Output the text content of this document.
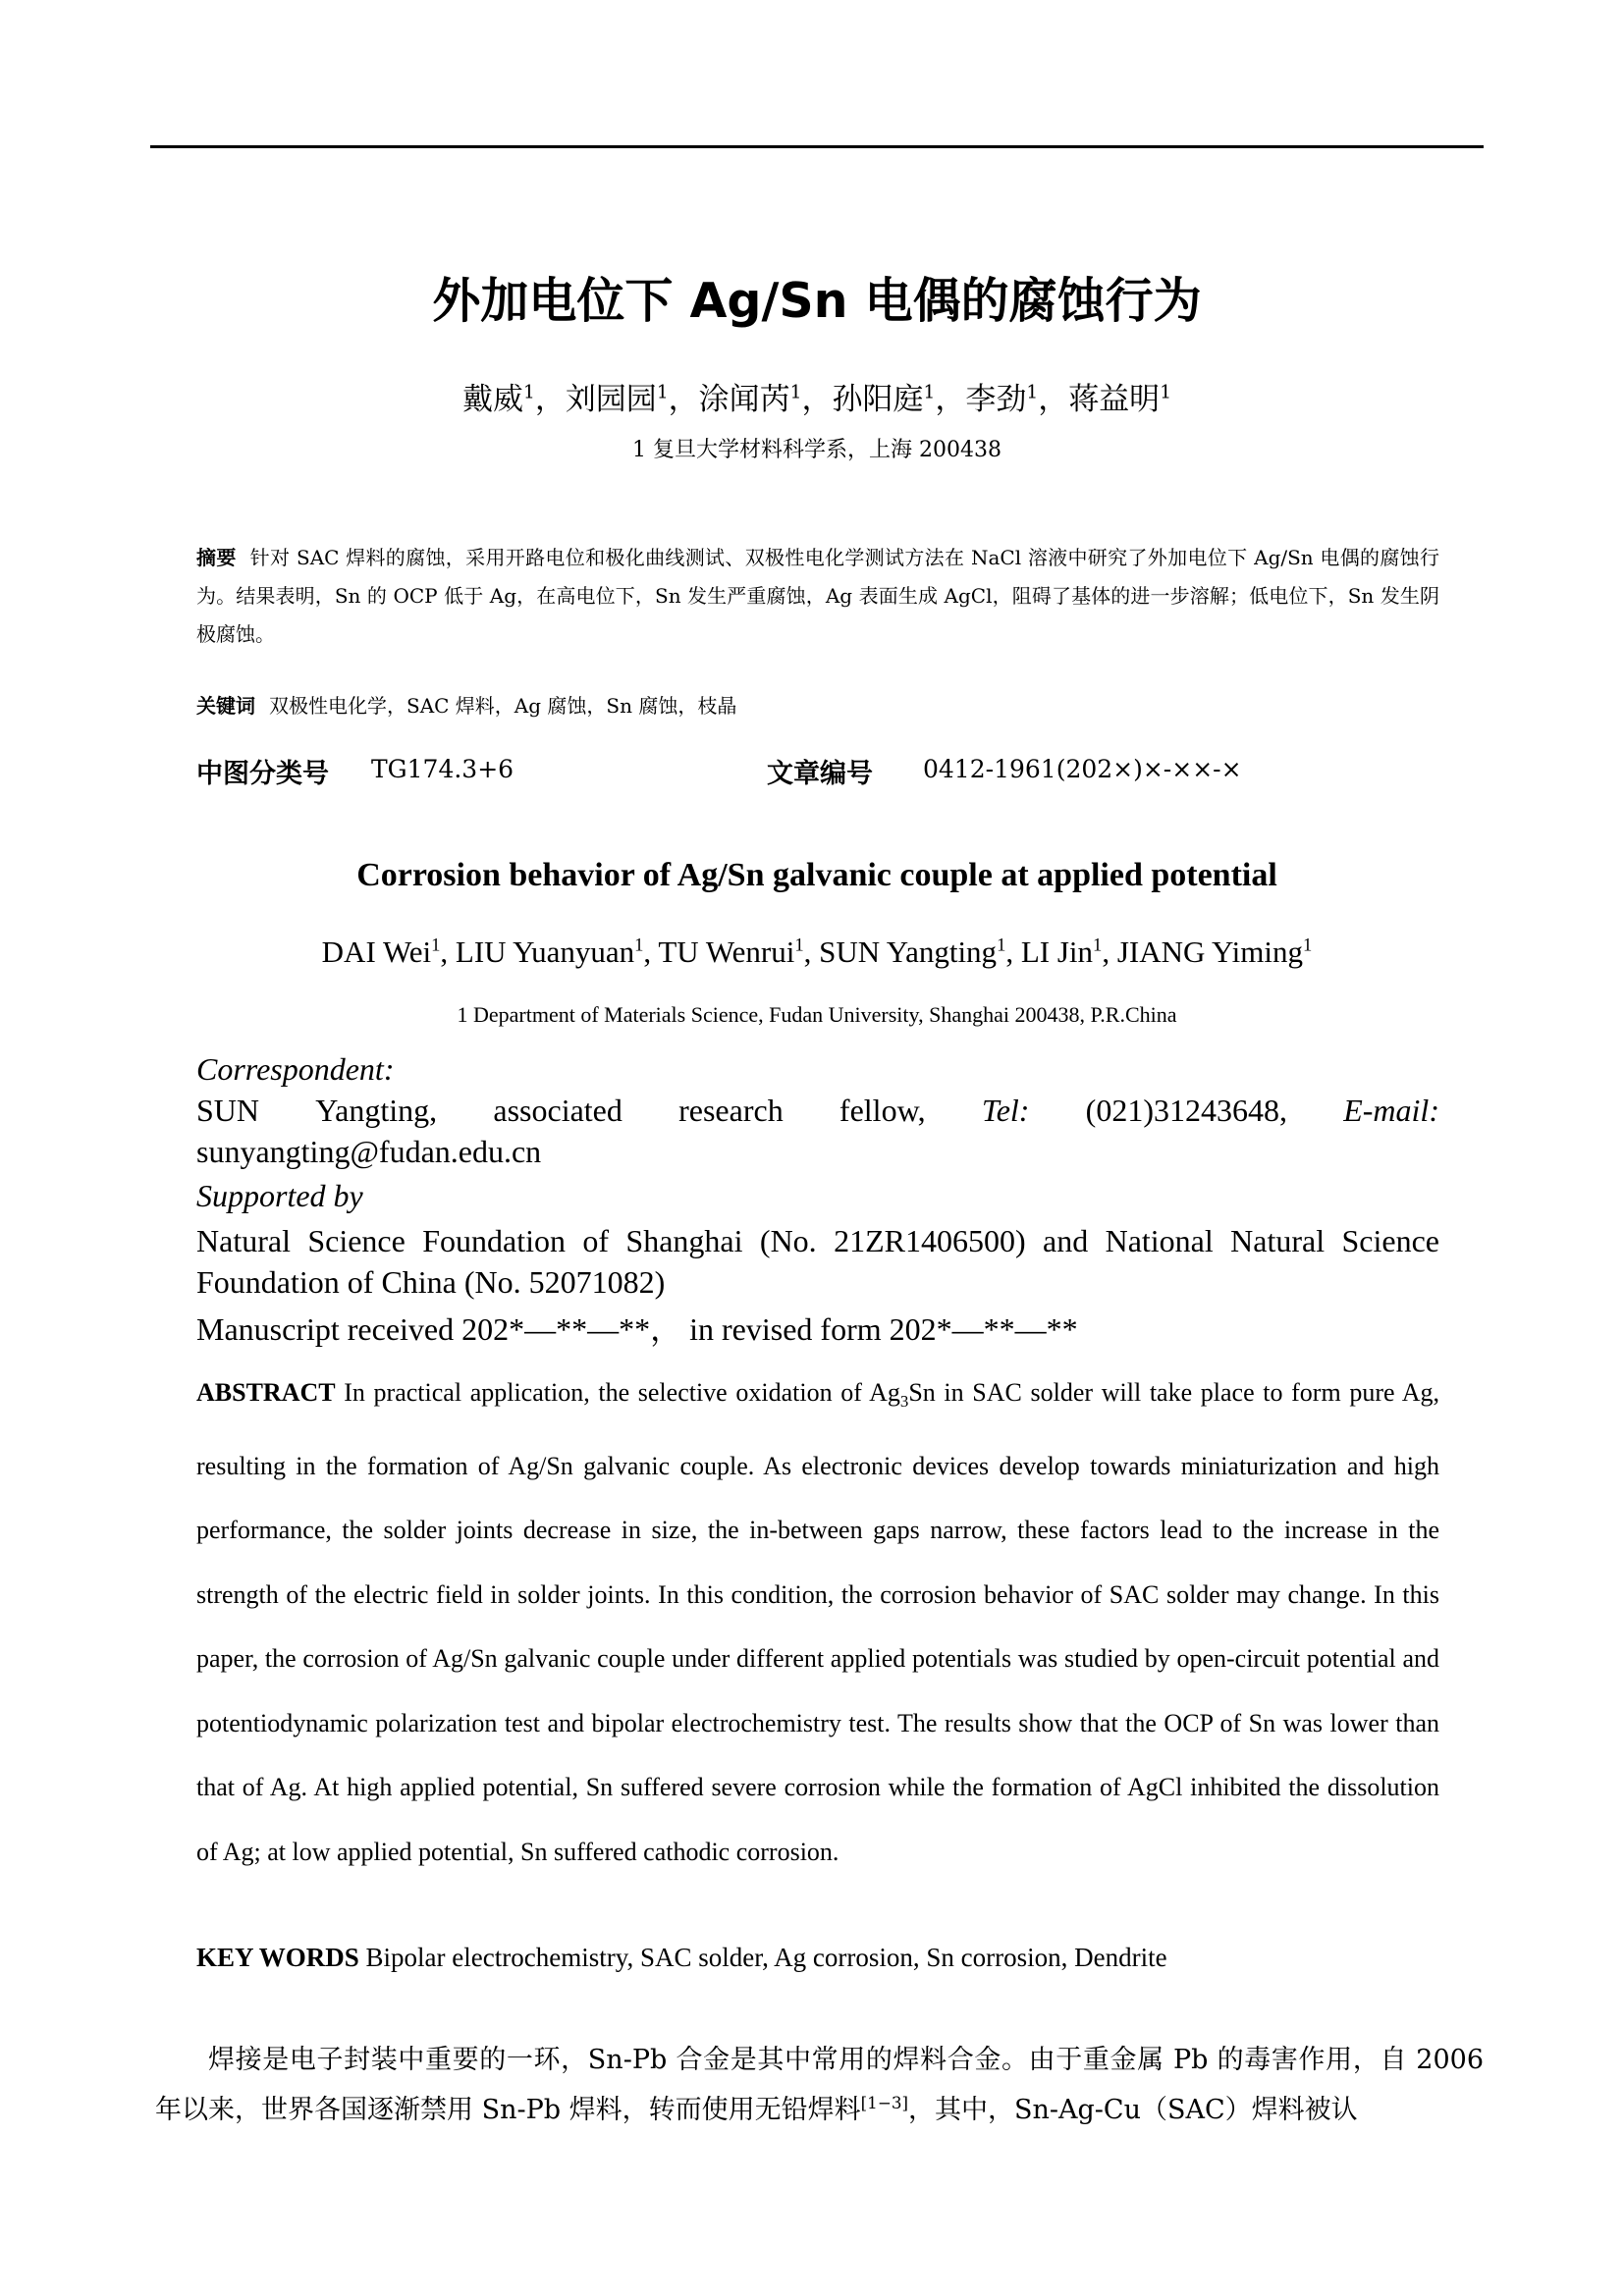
外加电位下 Ag/Sn 电偶的腐蚀行为
戴威$^1$，刘园园$^1$，涂闻芮$^1$，孙阳庭$^1$，李劲$^1$，蒋益明$^1$
1 复旦大学材料科学系，上海 200438
摘要 针对 SAC 焊料的腐蚀，采用开路电位和极化曲线测试、双极性电化学测试方法在 NaCl 溶液中研究了外加电位下 Ag/Sn 电偶的腐蚀行为。结果表明，Sn 的 OCP 低于 Ag，在高电位下，Sn 发生严重腐蚀，Ag 表面生成 AgCl，阻碍了基体的进一步溶解；低电位下，Sn 发生阴极腐蚀。
关键词 双极性电化学，SAC 焊料，Ag 腐蚀，Sn 腐蚀，枝晶
中图分类号 TG174.3+6	文章编号 0412-1961(202×)×-××-×
Corrosion behavior of Ag/Sn galvanic couple at applied potential
DAI Wei$^1$, LIU Yuanyuan$^1$, TU Wenrui$^1$, SUN Yangting$^1$, LI Jin$^1$, JIANG Yiming$^1$
1 Department of Materials Science, Fudan University, Shanghai 200438, P.R.China
Correspondent:
SUN Yangting, associated research fellow, Tel: (021)31243648, E-mail:
sunyangting@fudan.edu.cn
Supported by
Natural Science Foundation of Shanghai (No. 21ZR1406500) and National Natural Science Foundation of China (No. 52071082)
Manuscript received 202*—**—**， in revised form 202*—**—**
ABSTRACT In practical application, the selective oxidation of $Ag_3Sn$ in SAC solder will take place to form pure Ag, resulting in the formation of Ag/Sn galvanic couple. As electronic devices develop towards miniaturization and high performance, the solder joints decrease in size, the in-between gaps narrow, these factors lead to the increase in the strength of the electric field in solder joints. In this condition, the corrosion behavior of SAC solder may change. In this paper, the corrosion of Ag/Sn galvanic couple under different applied potentials was studied by open-circuit potential and potentiodynamic polarization test and bipolar electrochemistry test. The results show that the OCP of Sn was lower than that of Ag. At high applied potential, Sn suffered severe corrosion while the formation of AgCl inhibited the dissolution of Ag; at low applied potential, Sn suffered cathodic corrosion.
KEY WORDS Bipolar electrochemistry, SAC solder, Ag corrosion, Sn corrosion, Dendrite
焊接是电子封装中重要的一环，Sn-Pb 合金是其中常用的焊料合金。由于重金属 Pb 的毒害作用，自 2006 年以来，世界各国逐渐禁用 Sn-Pb 焊料，转而使用无铅焊料[1−3]，其中，Sn-Ag-Cu（SAC）焊料被认
